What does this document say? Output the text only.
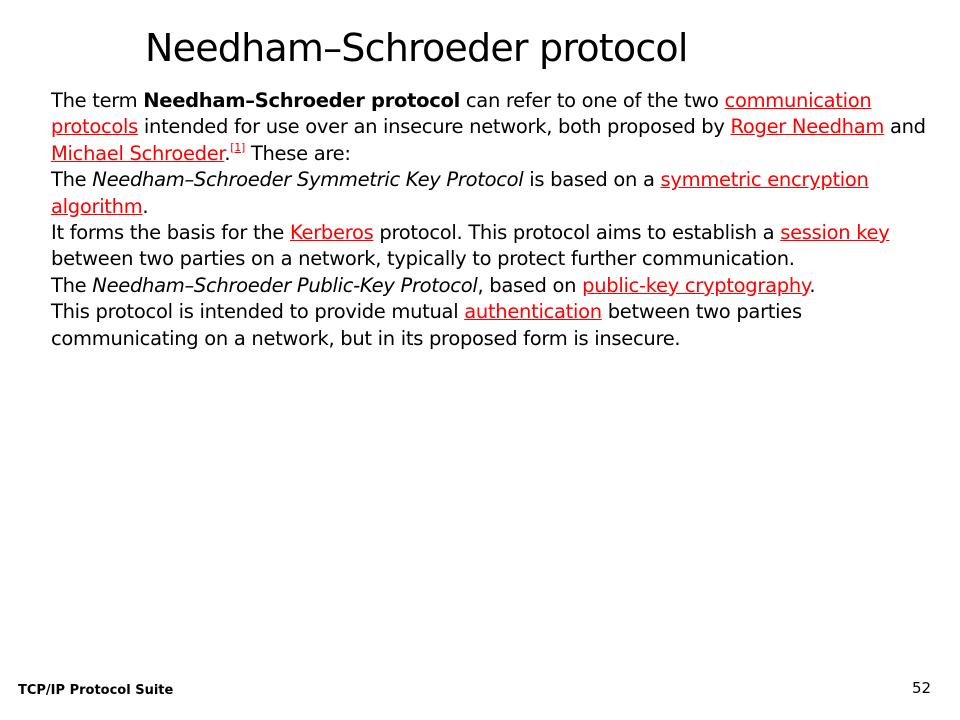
Needham–Schroeder protocol

The term Needham–Schroeder protocol can refer to one of the two communication protocols intended for use over an insecure network, both proposed by Roger Needham and Michael Schroeder.[1] These are:

The Needham–Schroeder Symmetric Key Protocol is based on a symmetric encryption algorithm.

It forms the basis for the Kerberos protocol. This protocol aims to establish a session key between two parties on a network, typically to protect further communication.

The Needham–Schroeder Public-Key Protocol, based on public-key cryptography.

This protocol is intended to provide mutual authentication between two parties communicating on a network, but in its proposed form is insecure.

TCP/IP Protocol Suite	52
